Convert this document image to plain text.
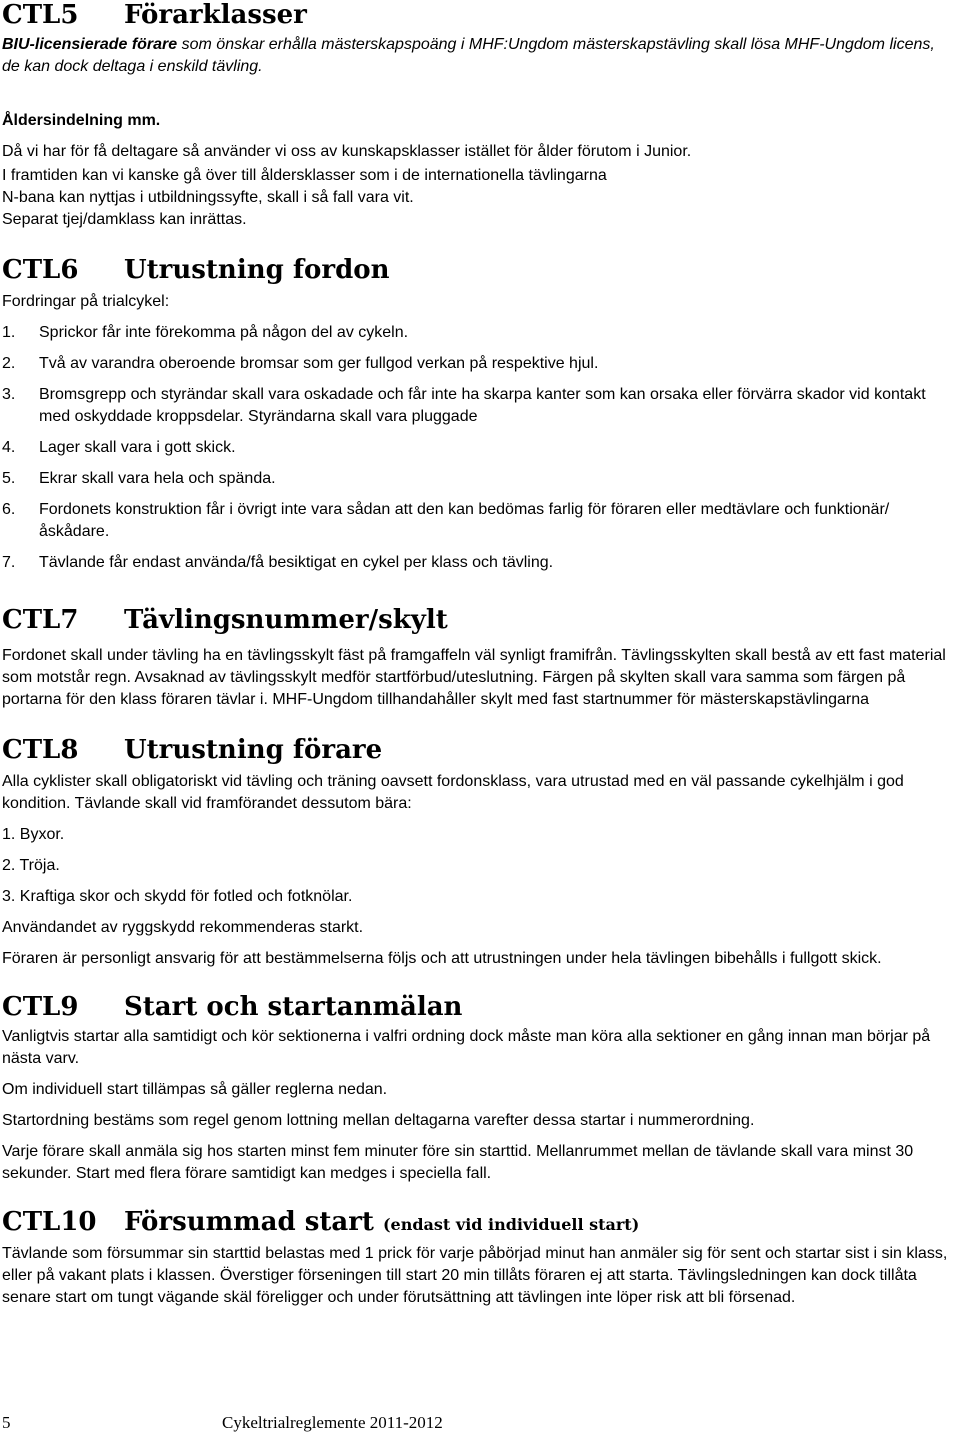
CTL5 Förarklasser

BIU-licensierade förare som önskar erhålla mästerskapspoäng i MHF:Ungdom mästerskapstävling skall lösa MHF-Ungdom licens, de kan dock deltaga i enskild tävling.

Åldersindelning mm.

Då vi har för få deltagare så använder vi oss av kunskapsklasser istället för ålder förutom i Junior.

I framtiden kan vi kanske gå över till åldersklasser som i de internationella tävlingarna

N-bana kan nyttjas i utbildningssyfte, skall i så fall vara vit.

Separat tjej/damklass kan inrättas.

CTL6 Utrustning fordon

Fordringar på trialcykel:

1. Sprickor får inte förekomma på någon del av cykeln.
2. Två av varandra oberoende bromsar som ger fullgod verkan på respektive hjul.
3. Bromsgrepp och styrändar skall vara oskadade och får inte ha skarpa kanter som kan orsaka eller förvärra skador vid kontakt med oskyddade kroppsdelar. Styrändarna skall vara pluggade
4. Lager skall vara i gott skick.
5. Ekrar skall vara hela och spända.
6. Fordonets konstruktion får i övrigt inte vara sådan att den kan bedömas farlig för föraren eller medtävlare och funktionär/åskådare.
7. Tävlande får endast använda/få besiktigat en cykel per klass och tävling.
CTL7 Tävlingsnummer/skylt

Fordonet skall under tävling ha en tävlingsskylt fäst på framgaffeln väl synligt framifrån. Tävlingsskylten skall bestå av ett fast material som motstår regn. Avsaknad av tävlingsskylt medför startförbud/uteslutning. Färgen på skylten skall vara samma som färgen på portarna för den klass föraren tävlar i. MHF-Ungdom tillhandahåller skylt med fast startnummer för mästerskapstävlingarna

CTL8 Utrustning förare

Alla cyklister skall obligatoriskt vid tävling och träning oavsett fordonsklass, vara utrustad med en väl passande cykelhjälm i god kondition. Tävlande skall vid framförandet dessutom bära:

1. Byxor.

2. Tröja.

3. Kraftiga skor och skydd för fotled och fotknölar.

Användandet av ryggskydd rekommenderas starkt.

Föraren är personligt ansvarig för att bestämmelserna följs och att utrustningen under hela tävlingen bibehålls i fullgott skick.

CTL9 Start och startanmälan

Vanligtvis startar alla samtidigt och kör sektionerna i valfri ordning dock måste man köra alla sektioner en gång innan man börjar på nästa varv.

Om individuell start tillämpas så gäller reglerna nedan.

Startordning bestäms som regel genom lottning mellan deltagarna varefter dessa startar i nummerordning.

Varje förare skall anmäla sig hos starten minst fem minuter före sin starttid. Mellanrummet mellan de tävlande skall vara minst 30 sekunder. Start med flera förare samtidigt kan medges i speciella fall.

CTL10 Försummad start (endast vid individuell start)

Tävlande som försummar sin starttid belastas med 1 prick för varje påbörjad minut han anmäler sig för sent och startar sist i sin klass, eller på vakant plats i klassen. Överstiger förseningen till start 20 min tillåts föraren ej att starta. Tävlingsledningen kan dock tillåta senare start om tungt vägande skäl föreligger och under förutsättning att tävlingen inte löper risk att bli försenad.

5	Cykeltrialreglemente 2011-2012
